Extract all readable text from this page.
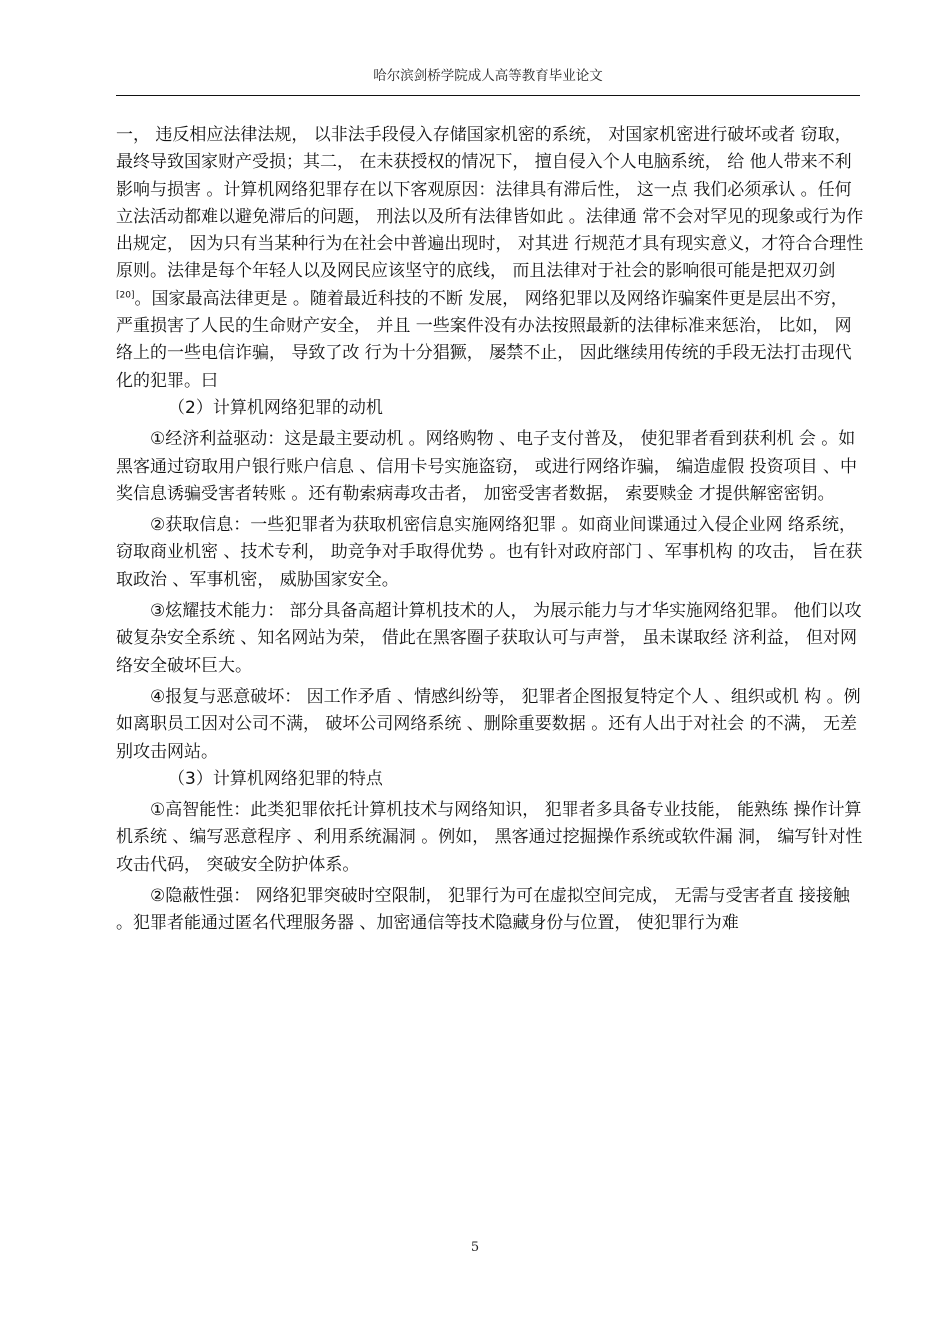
哈尔滨剑桥学院成人高等教育毕业论文

一， 违反相应法律法规， 以非法手段侵入存储国家机密的系统， 对国家机密进行破坏或者 窃取， 最终导致国家财产受损；其二， 在未获授权的情况下， 擅自侵入个人电脑系统， 给 他人带来不利影响与损害 。计算机网络犯罪存在以下客观原因：法律具有滞后性， 这一点 我们必须承认 。任何立法活动都难以避免滞后的问题， 刑法以及所有法律皆如此 。法律通 常不会对罕见的现象或行为作出规定， 因为只有当某种行为在社会中普遍出现时， 对其进 行规范才具有现实意义，才符合合理性原则。法律是每个年轻人以及网民应该坚守的底线， 而且法律对于社会的影响很可能是把双刃剑[20]。国家最高法律更是 。随着最近科技的不断 发展， 网络犯罪以及网络诈骗案件更是层出不穷， 严重损害了人民的生命财产安全， 并且 一些案件没有办法按照最新的法律标准来惩治， 比如， 网络上的一些电信诈骗， 导致了改 行为十分猖獗， 屡禁不止， 因此继续用传统的手段无法打击现代化的犯罪。曰

（2）计算机网络犯罪的动机

①经济利益驱动：这是最主要动机 。网络购物 、电子支付普及， 使犯罪者看到获利机 会 。如黑客通过窃取用户银行账户信息 、信用卡号实施盗窃， 或进行网络诈骗， 编造虚假 投资项目 、中奖信息诱骗受害者转账 。还有勒索病毒攻击者， 加密受害者数据， 索要赎金 才提供解密密钥。

②获取信息：一些犯罪者为获取机密信息实施网络犯罪 。如商业间谍通过入侵企业网 络系统， 窃取商业机密 、技术专利， 助竞争对手取得优势 。也有针对政府部门 、军事机构 的攻击， 旨在获取政治 、军事机密， 威胁国家安全。

③炫耀技术能力： 部分具备高超计算机技术的人， 为展示能力与才华实施网络犯罪。 他们以攻破复杂安全系统 、知名网站为荣， 借此在黑客圈子获取认可与声誉， 虽未谋取经 济利益， 但对网络安全破坏巨大。

④报复与恶意破坏： 因工作矛盾 、情感纠纷等， 犯罪者企图报复特定个人 、组织或机 构 。例如离职员工因对公司不满， 破坏公司网络系统 、删除重要数据 。还有人出于对社会 的不满， 无差别攻击网站。

（3）计算机网络犯罪的特点

①高智能性：此类犯罪依托计算机技术与网络知识， 犯罪者多具备专业技能， 能熟练 操作计算机系统 、编写恶意程序 、利用系统漏洞 。例如， 黑客通过挖掘操作系统或软件漏 洞， 编写针对性攻击代码， 突破安全防护体系。

②隐蔽性强： 网络犯罪突破时空限制， 犯罪行为可在虚拟空间完成， 无需与受害者直 接接触 。犯罪者能通过匿名代理服务器 、加密通信等技术隐藏身份与位置， 使犯罪行为难

5
